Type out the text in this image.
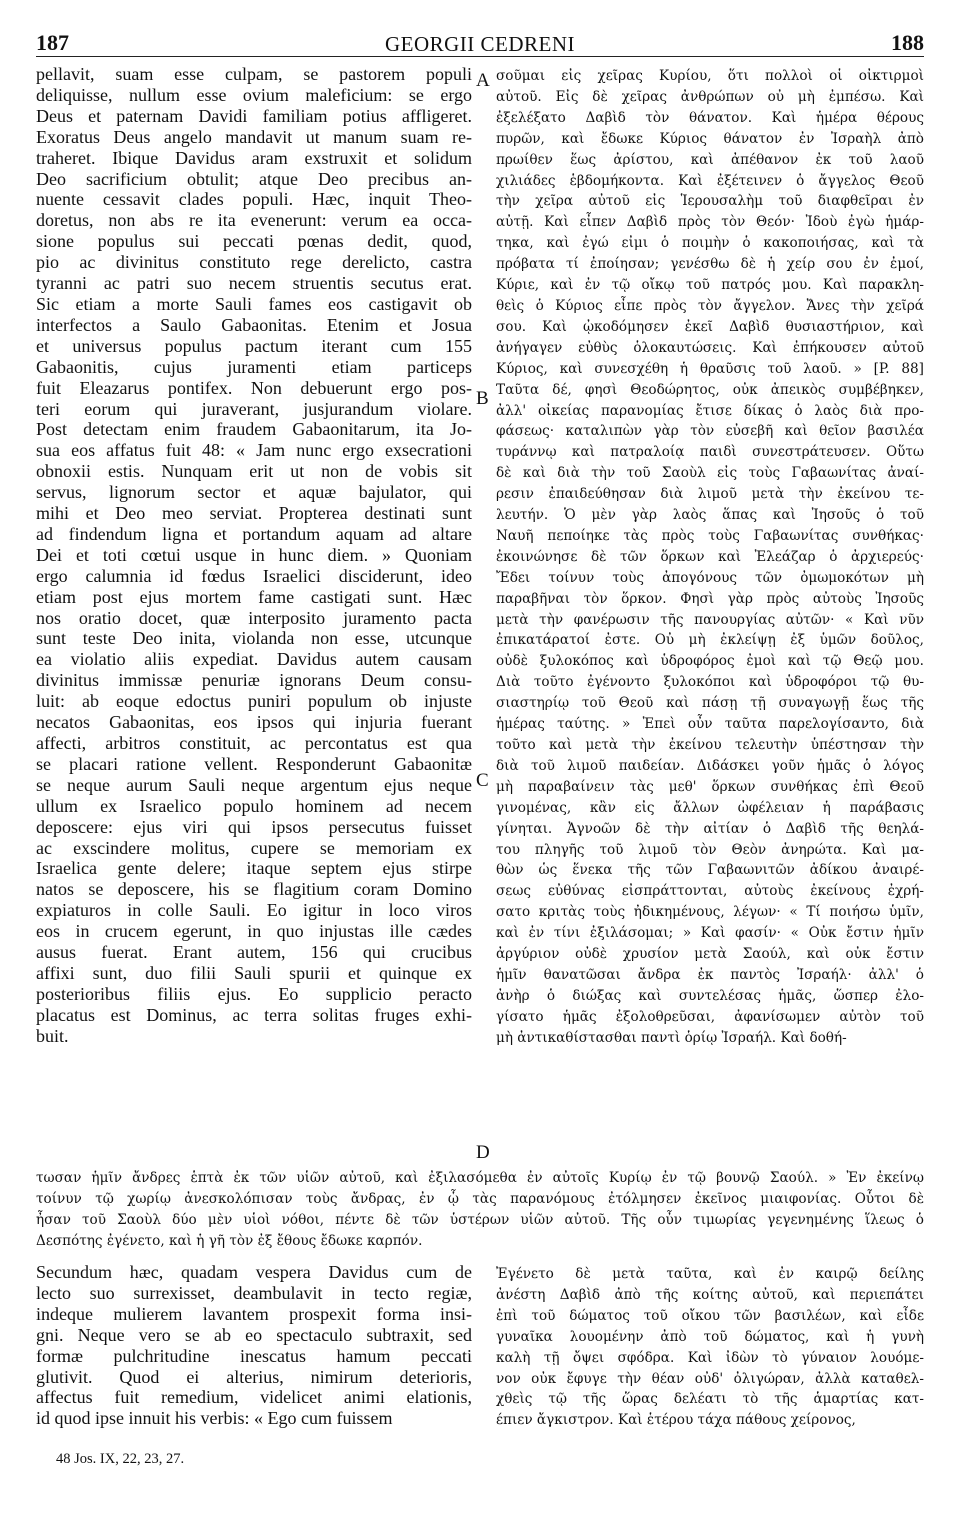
187	GEORGII CEDRENI	188
pellavit, suam esse culpam, se pastorem populi
deliquisse, nullum esse ovium maleficium: se ergo
Deus et paternam Davidi familiam potius affligeret.
Exoratus Deus angelo mandavit ut manum suam re-
traheret. Ibique Davidus aram exstruxit et solidum
Deo sacrificium obtulit; atque Deo precibus an-
nuente cessavit clades populi. Hæc, inquit Theo-
doretus, non abs re ita evenerunt: verum ea occa-
sione populus sui peccati pœnas dedit, quod,
pio ac divinitus constituto rege derelicto, castra
tyranni ac patri suo necem struentis secutus erat.
Sic etiam a morte Sauli fames eos castigavit ob
interfectos a Saulo Gabaonitas. Etenim et Josua
et universus populus pactum iterant cum 155
Gabaonitis, cujus juramenti etiam particeps
fuit Eleazarus pontifex. Non debuerunt ergo pos-
teri eorum qui juraverant, jusjurandum violare.
Post detectam enim fraudem Gabaonitarum, ita Jo-
sua eos affatus fuit 48: « Jam nunc ergo exsecrationi
obnoxii estis. Nunquam erit ut non de vobis sit
servus, lignorum sector et aquæ bajulator, qui
mihi et Deo meo serviat. Propterea destinati sunt
ad findendum ligna et portandum aquam ad altare
Dei et toti cœtui usque in hunc diem. » Quoniam
ergo calumnia id fœdus Israelici disciderunt, ideo
etiam post ejus mortem fame castigati sunt. Hæc
nos oratio docet, quæ interposito juramento pacta
sunt teste Deo inita, violanda non esse, utcunque
ea violatio aliis expediat. Davidus autem causam
divinitus immissæ penuriæ ignorans Deum consu-
luit: ab eoque edoctus puniri populum ob injuste
necatos Gabaonitas, eos ipsos qui injuria fuerant
affecti, arbitros constituit, ac percontatus est qua
se placari ratione vellent. Responderunt Gabaonitæ
se neque aurum Sauli neque argentum ejus neque
ullum ex Israelico populo hominem ad necem
deposcere: ejus viri qui ipsos persecutus fuisset
ac exscindere molitus, cupere se memoriam ex
Israelica gente delere; itaque septem ejus stirpe
natos se deposcere, his se flagitium coram Domino
expiaturos in colle Sauli. Eo igitur in loco viros
eos in crucem egerunt, in quo injustas ille cædes
ausus fuerat. Erant autem, 156 qui crucibus
affixi sunt, duo filii Sauli spurii et quinque ex
posterioribus filiis ejus. Eo supplicio peracto
placatus est Dominus, ac terra solitas fruges exhi-
buit.
A
B
C
D
σοῦμαι εἰς χεῖρας Κυρίου, ὅτι πολλοὶ οἱ οἰκτιρμοὶ
αὐτοῦ. Εἰς δὲ χεῖρας ἀνθρώπων οὐ μὴ ἐμπέσω. Καὶ
ἐξελέξατο Δαβὶδ τὸν θάνατον. Καὶ ἡμέρα θέρους
πυρῶν, καὶ ἔδωκε Κύριος θάνατον ἐν Ἰσραὴλ ἀπὸ
πρωίθεν ἕως ἀρίστου, καὶ ἀπέθανον ἐκ τοῦ λαοῦ
χιλιάδες ἑβδομήκοντα. Καὶ ἐξέτεινεν ὁ ἄγγελος Θεοῦ
τὴν χεῖρα αὐτοῦ εἰς Ἱερουσαλὴμ τοῦ διαφθεῖραι ἐν
αὐτῇ. Καὶ εἶπεν Δαβὶδ πρὸς τὸν Θεόν· Ἰδοὺ ἐγὼ ἡμάρ-
τηκα, καὶ ἐγώ εἰμι ὁ ποιμὴν ὁ κακοποιήσας, καὶ τὰ
πρόβατα τί ἐποίησαν; γενέσθω δὲ ἡ χείρ σου ἐν ἐμοί,
Κύριε, καὶ ἐν τῷ οἴκῳ τοῦ πατρός μου. Καὶ παρακλη-
θεὶς ὁ Κύριος εἶπε πρὸς τὸν ἄγγελον. Ἄνες τὴν χεῖρά
σου. Καὶ ᾠκοδόμησεν ἐκεῖ Δαβὶδ θυσιαστήριον, καὶ
ἀνήγαγεν εὐθὺς ὁλοκαυτώσεις. Καὶ ἐπήκουσεν αὐτοῦ
Κύριος, καὶ συνεσχέθη ἡ θραῦσις τοῦ λαοῦ. » [P. 88]
Ταῦτα δέ, φησὶ Θεοδώρητος, οὐκ ἀπεικὸς συμβέβηκεν,
ἀλλ' οἰκείας παρανομίας ἔτισε δίκας ὁ λαὸς διὰ προ-
φάσεως· καταλιπὼν γὰρ τὸν εὐσεβῆ καὶ θεῖον βασιλέα
τυράννῳ καὶ πατραλοίᾳ παιδὶ συνεστράτευσεν. Οὕτω
δὲ καὶ διὰ τὴν τοῦ Σαοὺλ εἰς τοὺς Γαβαωνίτας ἀναί-
ρεσιν ἐπαιδεύθησαν διὰ λιμοῦ μετὰ τὴν ἐκείνου τε-
λευτήν. Ὁ μὲν γὰρ λαὸς ἅπας καὶ Ἰησοῦς ὁ τοῦ
Ναυῆ πεποίηκε τὰς πρὸς τοὺς Γαβαωνίτας συνθήκας·
ἐκοινώνησε δὲ τῶν ὅρκων καὶ Ἐλεάζαρ ὁ ἀρχιερεύς·
Ἔδει τοίνυν τοὺς ἀπογόνους τῶν ὀμωμοκότων μὴ
παραβῆναι τὸν ὅρκον. Φησὶ γὰρ πρὸς αὐτοὺς Ἰησοῦς
μετὰ τὴν φανέρωσιν τῆς πανουργίας αὐτῶν· « Καὶ νῦν
ἐπικατάρατοί ἐστε. Οὐ μὴ ἐκλείψῃ ἐξ ὑμῶν δοῦλος,
οὐδὲ ξυλοκόπος καὶ ὑδροφόρος ἐμοὶ καὶ τῷ Θεῷ μου.
Διὰ τοῦτο ἐγένοντο ξυλοκόποι καὶ ὑδροφόροι τῷ θυ-
σιαστηρίῳ τοῦ Θεοῦ καὶ πάσῃ τῇ συναγωγῇ ἕως τῆς
ἡμέρας ταύτης. » Ἐπεὶ οὖν ταῦτα παρελογίσαντο, διὰ
τοῦτο καὶ μετὰ τὴν ἐκείνου τελευτὴν ὑπέστησαν τὴν
διὰ τοῦ λιμοῦ παιδείαν. Διδάσκει γοῦν ἡμᾶς ὁ λόγος
μὴ παραβαίνειν τὰς μεθ' ὅρκων συνθήκας ἐπὶ Θεοῦ
γινομένας, κἂν εἰς ἄλλων ὠφέλειαν ἡ παράβασις
γίνηται. Ἀγνοῶν δὲ τὴν αἰτίαν ὁ Δαβὶδ τῆς θεηλά-
του πληγῆς τοῦ λιμοῦ τὸν Θεὸν ἀνηρώτα. Καὶ μα-
θὼν ὡς ἕνεκα τῆς τῶν Γαβαωνιτῶν ἀδίκου ἀναιρέ-
σεως εὐθύνας εἰσπράττονται, αὐτοὺς ἐκείνους ἐχρή-
σατο κριτὰς τοὺς ἠδικημένους, λέγων· « Τί ποιήσω ὑμῖν,
καὶ ἐν τίνι ἐξιλάσομαι; » Καὶ φασίν· « Οὐκ ἔστιν ἡμῖν
ἀργύριον οὐδὲ χρυσίον μετὰ Σαούλ, καὶ οὐκ ἔστιν
ἡμῖν θανατῶσαι ἄνδρα ἐκ παντὸς Ἰσραήλ· ἀλλ' ὁ
ἀνὴρ ὁ διώξας καὶ συντελέσας ἡμᾶς, ὥσπερ ἐλο-
γίσατο ἡμᾶς ἐξολοθρεῦσαι, ἀφανίσωμεν αὐτὸν τοῦ
μὴ ἀντικαθίστασθαι παντὶ ὁρίῳ Ἰσραήλ. Καὶ δοθή-
τωσαν ἡμῖν ἄνδρες ἑπτὰ ἐκ τῶν υἱῶν αὐτοῦ, καὶ ἐξιλασόμεθα ἐν αὐτοῖς Κυρίῳ ἐν τῷ βουνῷ Σαούλ. » Ἐν ἐκείνῳ
τοίνυν τῷ χωρίῳ ἀνεσκολόπισαν τοὺς ἄνδρας, ἐν ᾧ τὰς παρανόμους ἐτόλμησεν ἐκεῖνος μιαιφονίας. Οὗτοι δὲ
ἦσαν τοῦ Σαοὺλ δύο μὲν υἱοὶ νόθοι, πέντε δὲ τῶν ὑστέρων υἱῶν αὐτοῦ. Τῆς οὖν τιμωρίας γεγενημένης ἵλεως ὁ
Δεσπότης ἐγένετο, καὶ ἡ γῆ τὸν ἐξ ἔθους ἔδωκε καρπόν.
Secundum hæc, quadam vespera Davidus cum de
lecto suo surrexisset, deambulavit in tecto regiæ,
indeque mulierem lavantem prospexit forma insi-
gni. Neque vero se ab eo spectaculo subtraxit, sed
formæ pulchritudine inescatus hamum peccati
glutivit. Quod ei alterius, nimirum deterioris,
affectus fuit remedium, videlicet animi elationis,
id quod ipse innuit his verbis: « Ego cum fuissem
Ἐγένετο δὲ μετὰ ταῦτα, καὶ ἐν καιρῷ δείλης
ἀνέστη Δαβὶδ ἀπὸ τῆς κοίτης αὐτοῦ, καὶ περιεπάτει
ἐπὶ τοῦ δώματος τοῦ οἴκου τῶν βασιλέων, καὶ εἶδε
γυναῖκα λουομένην ἀπὸ τοῦ δώματος, καὶ ἡ γυνὴ
καλὴ τῇ ὄψει σφόδρα. Καὶ ἰδὼν τὸ γύναιον λουόμε-
νον οὐκ ἔφυγε τὴν θέαν οὐδ' ὀλιγώραν, ἀλλὰ καταθελ-
χθεὶς τῷ τῆς ὥρας δελέατι τὸ τῆς ἁμαρτίας κατ-
έπιεν ἄγκιστρον. Καὶ ἑτέρου τάχα πάθους χείρονος,
48 Jos. IX, 22, 23, 27.
